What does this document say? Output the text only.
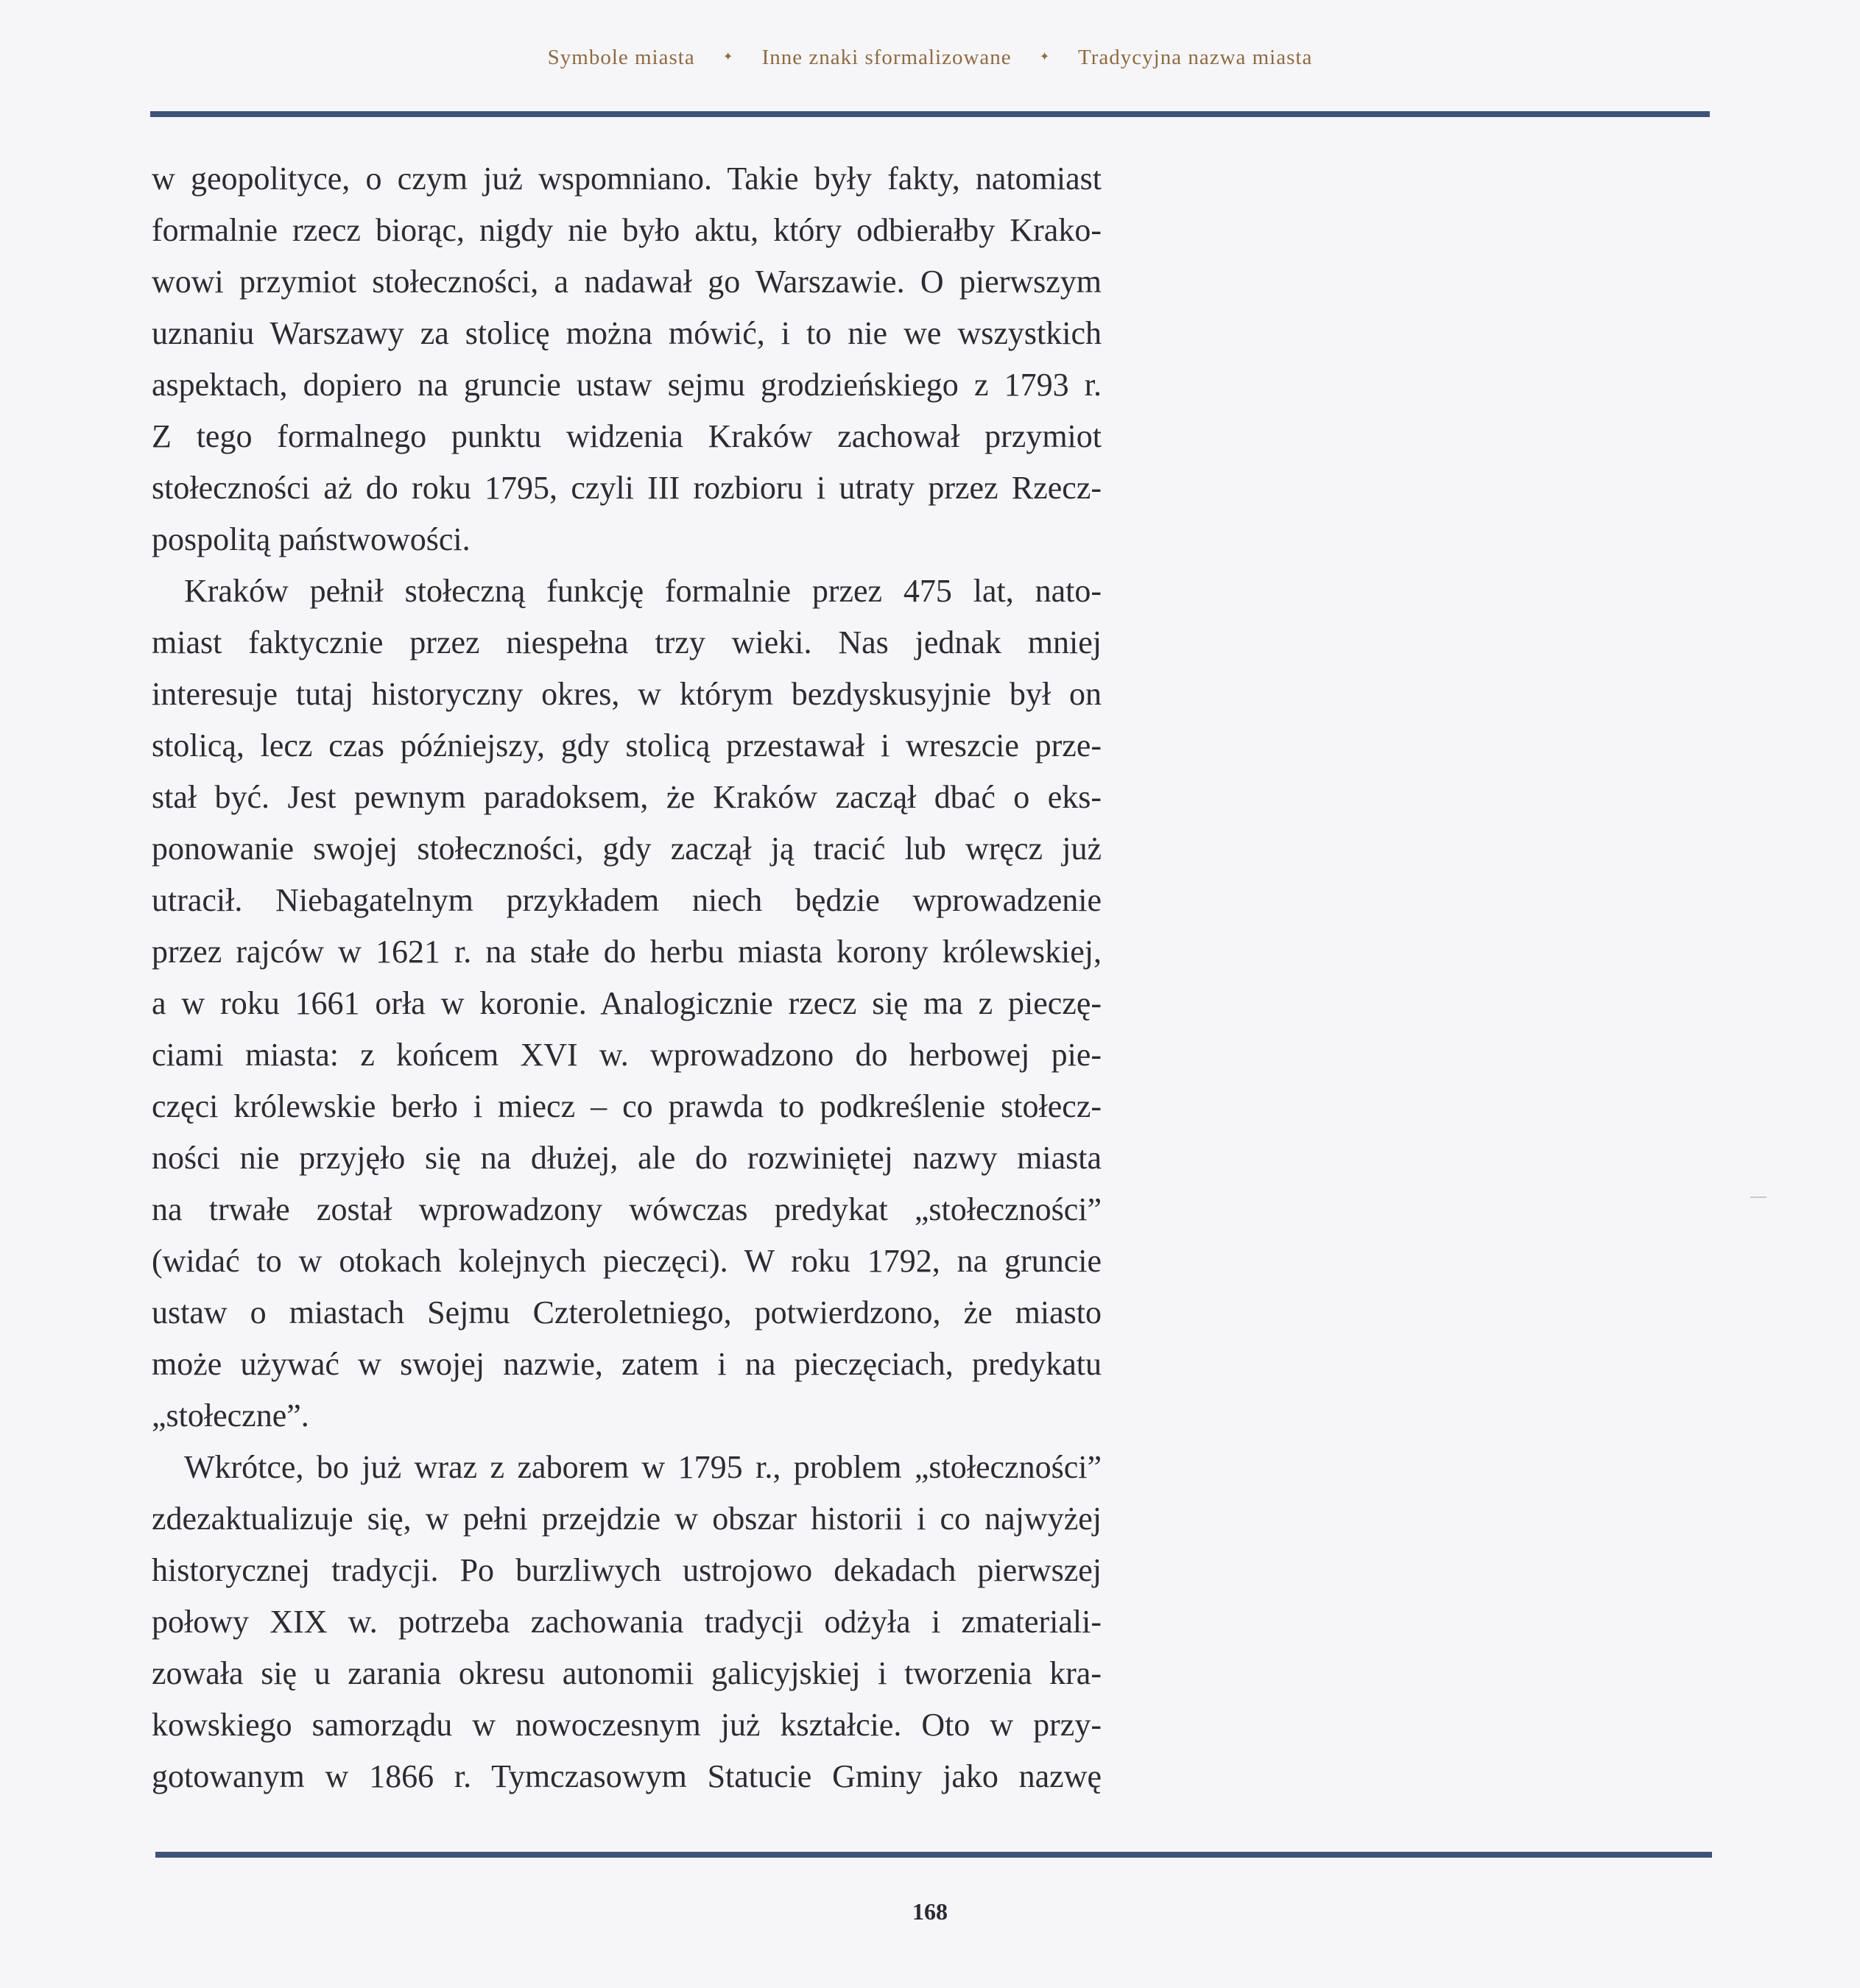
Symbole miasta ✦ Inne znaki sformalizowane ✦ Tradycyjna nazwa miasta
w geopolityce, o czym już wspomniano. Takie były fakty, natomiast
formalnie rzecz biorąc, nigdy nie było aktu, który odbierałby Krako-
wowi przymiot stołeczności, a nadawał go Warszawie. O pierwszym
uznaniu Warszawy za stolicę można mówić, i to nie we wszystkich
aspektach, dopiero na gruncie ustaw sejmu grodzieńskiego z 1793 r.
Z tego formalnego punktu widzenia Kraków zachował przymiot
stołeczności aż do roku 1795, czyli III rozbioru i utraty przez Rzecz-
pospolitą państwowości.
Kraków pełnił stołeczną funkcję formalnie przez 475 lat, nato-
miast faktycznie przez niespełna trzy wieki. Nas jednak mniej
interesuje tutaj historyczny okres, w którym bezdyskusyjnie był on
stolicą, lecz czas późniejszy, gdy stolicą przestawał i wreszcie prze-
stał być. Jest pewnym paradoksem, że Kraków zaczął dbać o eks-
ponowanie swojej stołeczności, gdy zaczął ją tracić lub wręcz już
utracił. Niebagatelnym przykładem niech będzie wprowadzenie
przez rajców w 1621 r. na stałe do herbu miasta korony królewskiej,
a w roku 1661 orła w koronie. Analogicznie rzecz się ma z pieczę-
ciami miasta: z końcem XVI w. wprowadzono do herbowej pie-
częci królewskie berło i miecz – co prawda to podkreślenie stołecz-
ności nie przyjęło się na dłużej, ale do rozwiniętej nazwy miasta
na trwałe został wprowadzony wówczas predykat „stołeczności”
(widać to w otokach kolejnych pieczęci). W roku 1792, na gruncie
ustaw o miastach Sejmu Czteroletniego, potwierdzono, że miasto
może używać w swojej nazwie, zatem i na pieczęciach, predykatu
„stołeczne”.
Wkrótce, bo już wraz z zaborem w 1795 r., problem „stołeczności”
zdezaktualizuje się, w pełni przejdzie w obszar historii i co najwyżej
historycznej tradycji. Po burzliwych ustrojowo dekadach pierwszej
połowy XIX w. potrzeba zachowania tradycji odżyła i zmateriali-
zowała się u zarania okresu autonomii galicyjskiej i tworzenia kra-
kowskiego samorządu w nowoczesnym już kształcie. Oto w przy-
gotowanym w 1866 r. Tymczasowym Statucie Gminy jako nazwę
168
